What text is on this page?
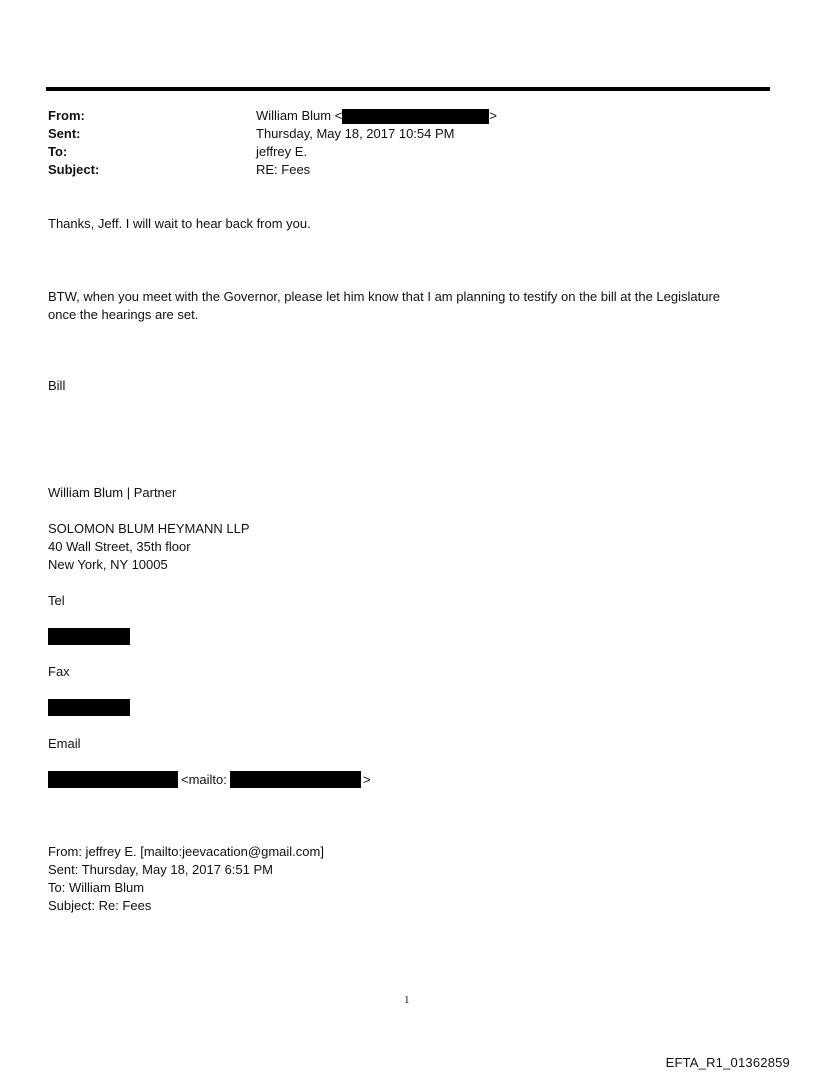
From:	William Blum <	>
Sent:	Thursday, May 18, 2017 10:54 PM
To:	jeffrey E.
Subject:	RE: Fees
Thanks, Jeff. I will wait to hear back from you.
BTW, when you meet with the Governor, please let him know that I am planning to testify on the bill at the Legislature
once the hearings are set.
Bill
William Blum | Partner
SOLOMON BLUM HEYMANN LLP
40 Wall Street, 35th floor
New York, NY 10005
Tel
Fax
Email
<mailto:	>
From: jeffrey E. [mailto:jeevacation@gmail.com]
Sent: Thursday, May 18, 2017 6:51 PM
To: William Blum
Subject: Re: Fees
1
EFTA_R1_01362859
